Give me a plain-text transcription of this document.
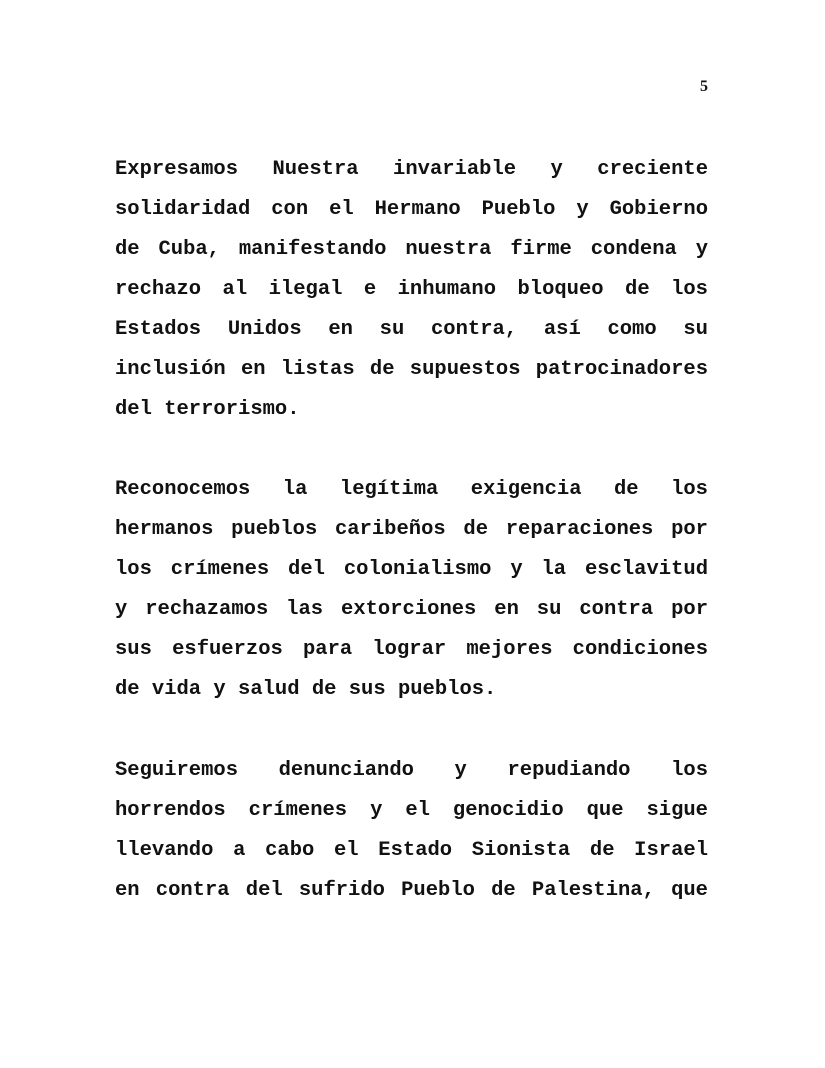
5
Expresamos Nuestra invariable y creciente
solidaridad con el Hermano Pueblo y Gobierno
de Cuba, manifestando nuestra firme condena y
rechazo al ilegal e inhumano bloqueo de los
Estados Unidos en su contra, así como su
inclusión en listas de supuestos patrocinadores
del terrorismo.
Reconocemos la legítima exigencia de los
hermanos pueblos caribeños de reparaciones por
los crímenes del colonialismo y la esclavitud
y rechazamos las extorciones en su contra por
sus esfuerzos para lograr mejores condiciones
de vida y salud de sus pueblos.
Seguiremos denunciando y repudiando los
horrendos crímenes y el genocidio que sigue
llevando a cabo el Estado Sionista de Israel
en contra del sufrido Pueblo de Palestina, que
